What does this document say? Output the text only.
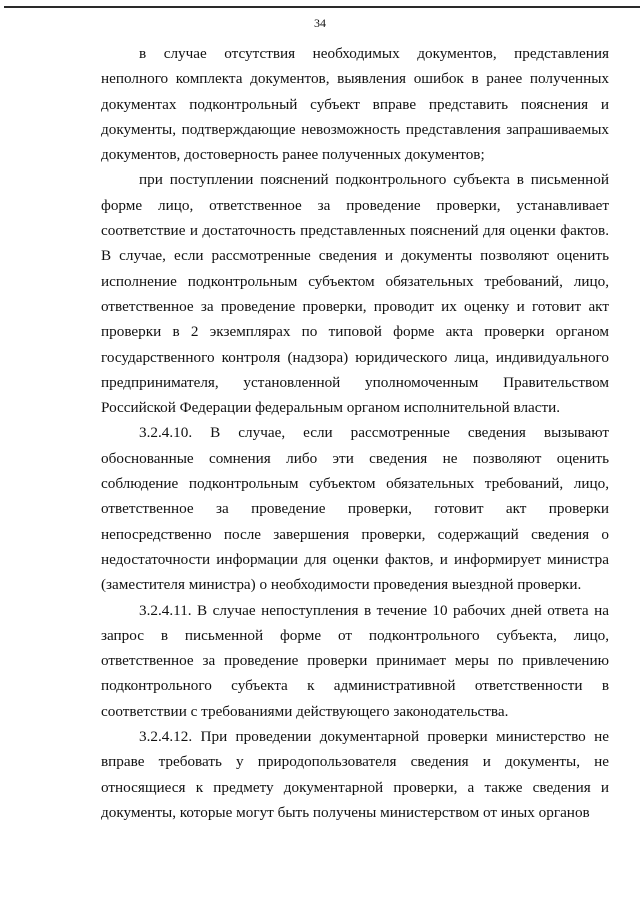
34

в случае отсутствия необходимых документов, представления неполного комплекта документов, выявления ошибок в ранее полученных документах подконтрольный субъект вправе представить пояснения и документы, подтверждающие невозможность представления запрашиваемых документов, достоверность ранее полученных документов;

при поступлении пояснений подконтрольного субъекта в письменной форме лицо, ответственное за проведение проверки, устанавливает соответствие и достаточность представленных пояснений для оценки фактов. В случае, если рассмотренные сведения и документы позволяют оценить исполнение подконтрольным субъектом обязательных требований, лицо, ответственное за проведение проверки, проводит их оценку и готовит акт проверки в 2 экземплярах по типовой форме акта проверки органом государственного контроля (надзора) юридического лица, индивидуального предпринимателя, установленной уполномоченным Правительством Российской Федерации федеральным органом исполнительной власти.

3.2.4.10. В случае, если рассмотренные сведения вызывают обоснованные сомнения либо эти сведения не позволяют оценить соблюдение подконтрольным субъектом обязательных требований, лицо, ответственное за проведение проверки, готовит акт проверки непосредственно после завершения проверки, содержащий сведения о недостаточности информации для оценки фактов, и информирует министра (заместителя министра) о необходимости проведения выездной проверки.

3.2.4.11. В случае непоступления в течение 10 рабочих дней ответа на запрос в письменной форме от подконтрольного субъекта, лицо, ответственное за проведение проверки принимает меры по привлечению подконтрольного субъекта к административной ответственности в соответствии с требованиями действующего законодательства.

3.2.4.12. При проведении документарной проверки министерство не вправе требовать у природопользователя сведения и документы, не относящиеся к предмету документарной проверки, а также сведения и документы, которые могут быть получены министерством от иных органов
